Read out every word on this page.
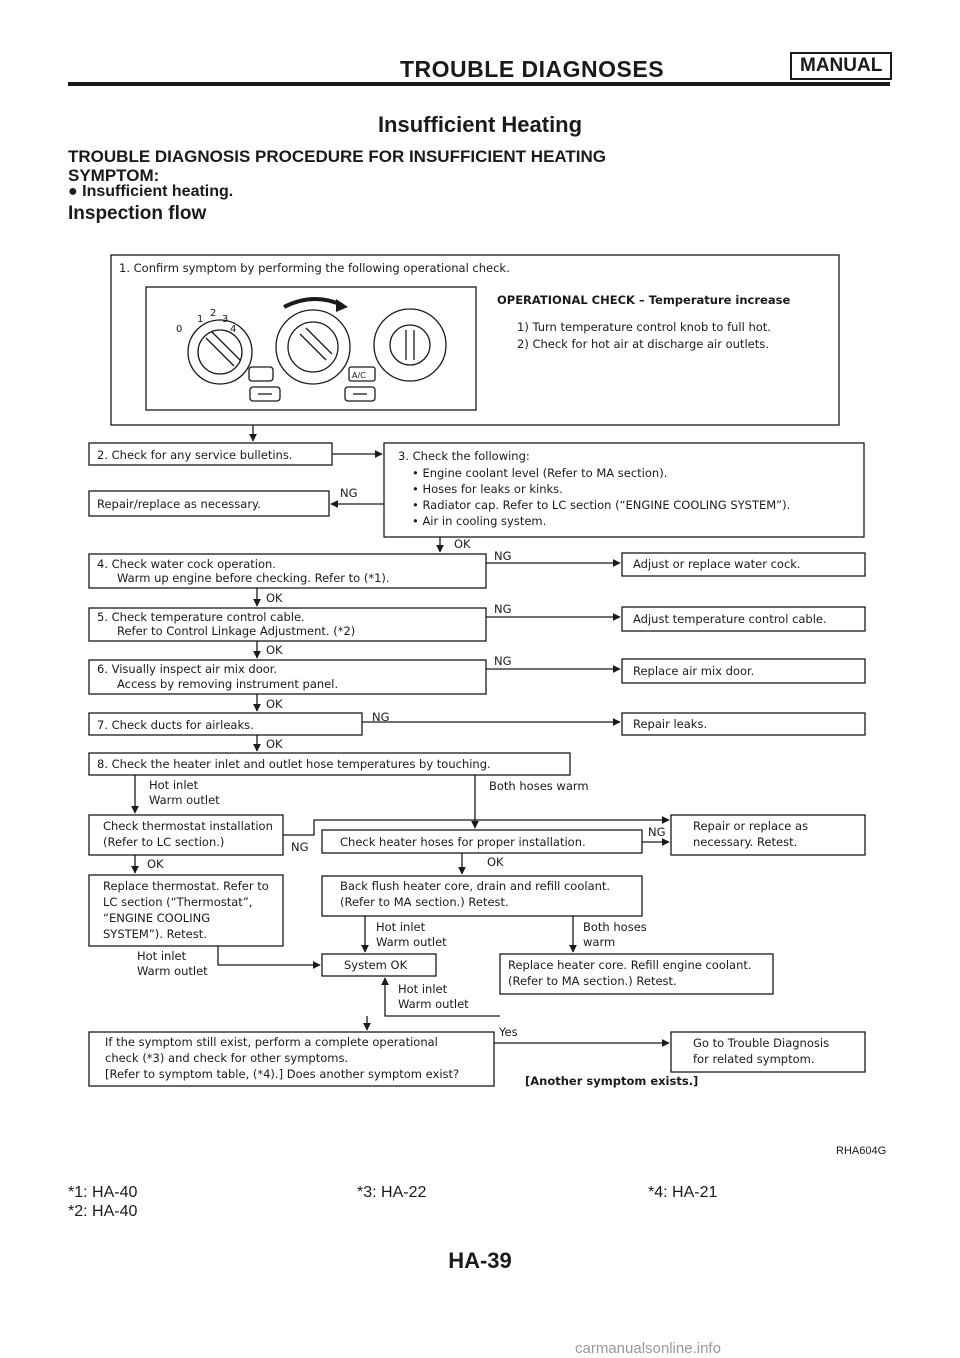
TROUBLE DIAGNOSES	MANUAL
Insufficient Heating
TROUBLE DIAGNOSIS PROCEDURE FOR INSUFFICIENT HEATING
SYMPTOM:
● Insufficient heating.
Inspection flow
1. Confirm symptom by performing the following operational check.
OPERATIONAL CHECK – Temperature increase
1) Turn temperature control knob to full hot.
2) Check for hot air at discharge air outlets.
0
1
2
3
4
A/C
2. Check for any service bulletins.
Repair/replace as necessary.
NG
3. Check the following:
• Engine coolant level (Refer to MA section).
• Hoses for leaks or kinks.
• Radiator cap. Refer to LC section (“ENGINE COOLING SYSTEM”).
• Air in cooling system.
OK
4. Check water cock operation.
Warm up engine before checking. Refer to (*1).
NG
Adjust or replace water cock.
OK
5. Check temperature control cable.
Refer to Control Linkage Adjustment. (*2)
NG
Adjust temperature control cable.
OK
6. Visually inspect air mix door.
Access by removing instrument panel.
NG
Replace air mix door.
OK
7. Check ducts for airleaks.
NG	Repair leaks.
OK
8. Check the heater inlet and outlet hose temperatures by touching.
Hot inlet
Warm outlet
Both hoses warm
Check thermostat installation
(Refer to LC section.)	NG	Check heater hoses for proper installation.
NG Repair or replace as
necessary. Retest.
OK	OK
Replace thermostat. Refer to
LC section (“Thermostat”,
“ENGINE COOLING
SYSTEM”). Retest.
Back flush heater core, drain and refill coolant.
(Refer to MA section.) Retest.
Hot inlet
Warm outlet
Both hoses
warm
Hot inlet
Warm outlet	System OK	Replace heater core. Refill engine coolant.
(Refer to MA section.) Retest.
Hot inlet
Warm outlet
If the symptom still exist, perform a complete operational
check (*3) and check for other symptoms.
[Refer to symptom table, (*4).] Does another symptom exist?
Yes
Go to Trouble Diagnosis
for related symptom.
[Another symptom exists.]
RHA604G
*1: HA-40
*2: HA-40
*3: HA-22	*4: HA-21
HA-39
carmanualsonline.info
